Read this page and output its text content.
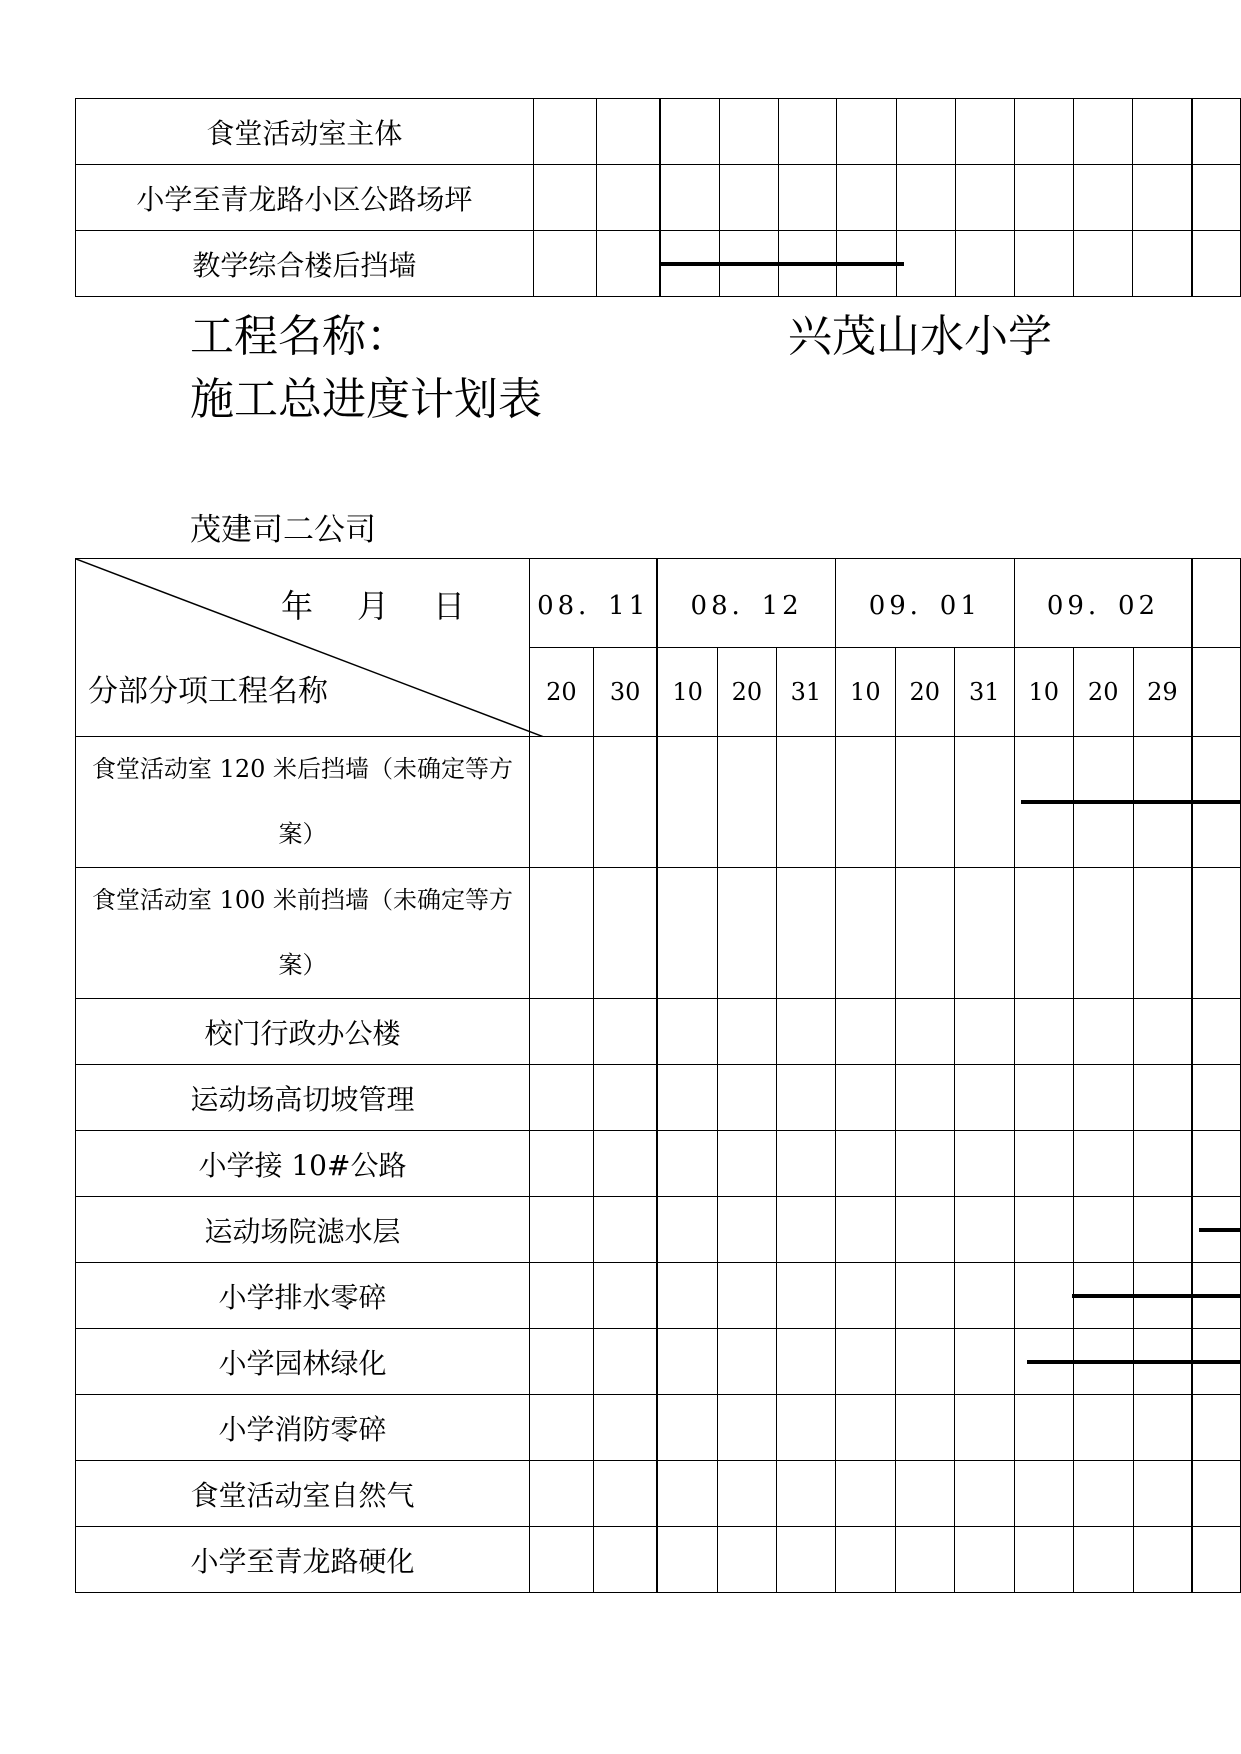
食堂活动室主体												
小学至青龙路小区公路场坪												
教学综合楼后挡墙			

工程名称：	兴茂山水小学
施工总进度计划表
茂建司二公司
年　月　日
分部分项工程名称	08．11		08．12			09．01			09．02			
	20	30	10	20	31	10	20	31	10	20	29	
食堂活动室 120 米后挡墙（未确定等方案）									

食堂活动室 100 米前挡墙（未确定等方案）												
校门行政办公楼												
运动场高切坡管理												
小学接 10#公路												
运动场院滤水层												

小学排水零碎										

小学园林绿化									

小学消防零碎												
食堂活动室自然气												
小学至青龙路硬化												
